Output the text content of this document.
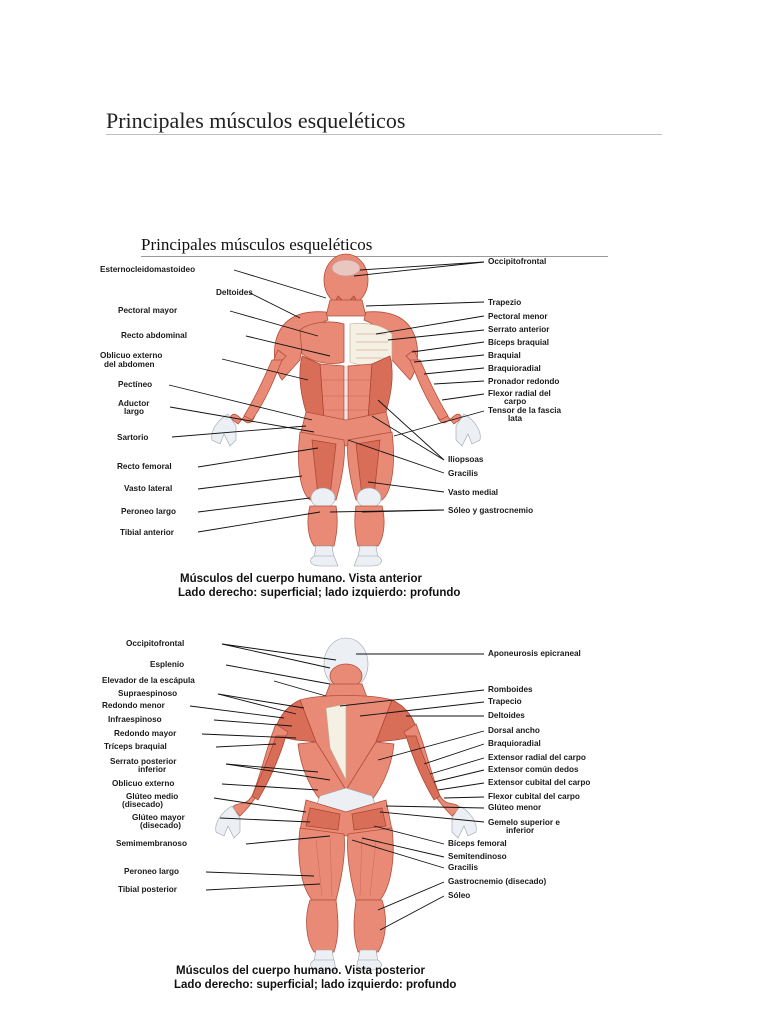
Principales músculos esqueléticos
Principales músculos esqueléticos
Esternocleidomastoideo
Deltoides
Pectoral mayor
Recto abdominal
Oblicuo externo
del abdomen
Pectíneo
Aductor
largo
Sartorio
Recto femoral
Vasto lateral
Peroneo largo
Tibial anterior
Occipitofrontal
Trapezio
Pectoral menor
Serrato anterior
Bíceps braquial
Braquial
Braquioradial
Pronador redondo
Flexor radial del
carpo
Tensor de la fascia
lata
Iliopsoas
Gracilis
Vasto medial
Sóleo y gastrocnemio
Músculos del cuerpo humano. Vista anterior
Lado derecho: superficial; lado izquierdo: profundo
Occipitofrontal
Esplenio
Elevador de la escápula
Supraespinoso
Redondo menor
Infraespinoso
Redondo mayor
Tríceps braquial
Serrato posterior
inferior
Oblicuo externo
Glúteo medio
(disecado)
Glúteo mayor
(disecado)
Semimembranoso
Peroneo largo
Tibial posterior
Aponeurosis epicraneal
Romboides
Trapecio
Deltoides
Dorsal ancho
Braquioradial
Extensor radial del carpo
Extensor común dedos
Extensor cubital del carpo
Flexor cubital del carpo
Glúteo menor
Gemelo superior e
inferior
Bíceps femoral
Semitendinoso
Gracilis
Gastrocnemio (disecado)
Sóleo
Músculos del cuerpo humano. Vista posterior
Lado derecho: superficial; lado izquierdo: profundo
